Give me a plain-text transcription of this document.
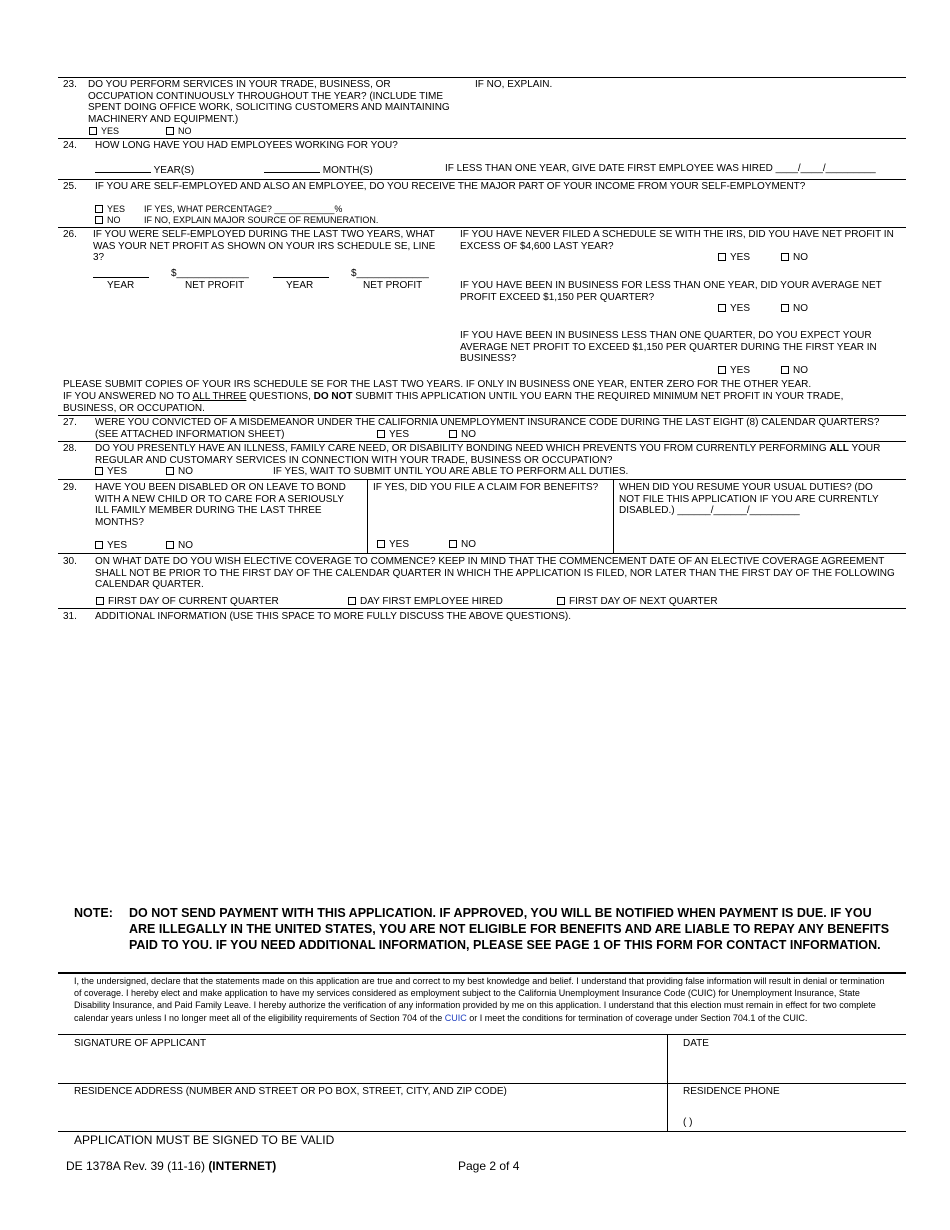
23. DO YOU PERFORM SERVICES IN YOUR TRADE, BUSINESS, OR OCCUPATION CONTINUOUSLY THROUGHOUT THE YEAR? (INCLUDE TIME SPENT DOING OFFICE WORK, SOLICITING CUSTOMERS AND MAINTAINING MACHINERY AND EQUIPMENT.)
IF NO, EXPLAIN.
YES	NO
24. HOW LONG HAVE YOU HAD EMPLOYEES WORKING FOR YOU?
YEAR(S)	MONTH(S)	IF LESS THAN ONE YEAR, GIVE DATE FIRST EMPLOYEE WAS HIRED ____/____/_________
25. IF YOU ARE SELF-EMPLOYED AND ALSO AN EMPLOYEE, DO YOU RECEIVE THE MAJOR PART OF YOUR INCOME FROM YOUR SELF-EMPLOYMENT?
YES
NO
IF YES, WHAT PERCENTAGE? ____________%
IF NO, EXPLAIN MAJOR SOURCE OF REMUNERATION.
26. IF YOU WERE SELF-EMPLOYED DURING THE LAST TWO YEARS, WHAT WAS YOUR NET PROFIT AS SHOWN ON YOUR IRS SCHEDULE SE, LINE 3?
$_____________	$_____________
YEAR	NET PROFIT	YEAR	NET PROFIT
IF YOU HAVE NEVER FILED A SCHEDULE SE WITH THE IRS, DID YOU HAVE NET PROFIT IN EXCESS OF $4,600 LAST YEAR?
YES	NO
IF YOU HAVE BEEN IN BUSINESS FOR LESS THAN ONE YEAR, DID YOUR AVERAGE NET PROFIT EXCEED $1,150 PER QUARTER?
YES	NO
IF YOU HAVE BEEN IN BUSINESS LESS THAN ONE QUARTER, DO YOU EXPECT YOUR AVERAGE NET PROFIT TO EXCEED $1,150 PER QUARTER DURING THE FIRST YEAR IN BUSINESS?
YES	NO
PLEASE SUBMIT COPIES OF YOUR IRS SCHEDULE SE FOR THE LAST TWO YEARS. IF ONLY IN BUSINESS ONE YEAR, ENTER ZERO FOR THE OTHER YEAR.
IF YOU ANSWERED NO TO ALL THREE QUESTIONS, DO NOT SUBMIT THIS APPLICATION UNTIL YOU EARN THE REQUIRED MINIMUM NET PROFIT IN YOUR TRADE, BUSINESS, OR OCCUPATION.
27. WERE YOU CONVICTED OF A MISDEMEANOR UNDER THE CALIFORNIA UNEMPLOYMENT INSURANCE CODE DURING THE LAST EIGHT (8) CALENDAR QUARTERS?
(SEE ATTACHED INFORMATION SHEET)	YES	NO
28. DO YOU PRESENTLY HAVE AN ILLNESS, FAMILY CARE NEED, OR DISABILITY BONDING NEED WHICH PREVENTS YOU FROM CURRENTLY PERFORMING ALL YOUR REGULAR AND CUSTOMARY SERVICES IN CONNECTION WITH YOUR TRADE, BUSINESS OR OCCUPATION?
YES	NO	IF YES, WAIT TO SUBMIT UNTIL YOU ARE ABLE TO PERFORM ALL DUTIES.
29. HAVE YOU BEEN DISABLED OR ON LEAVE TO BOND WITH A NEW CHILD OR TO CARE FOR A SERIOUSLY ILL FAMILY MEMBER DURING THE LAST THREE MONTHS?
YES	NO
IF YES, DID YOU FILE A CLAIM FOR BENEFITS?
YES	NO
WHEN DID YOU RESUME YOUR USUAL DUTIES? (DO NOT FILE THIS APPLICATION IF YOU ARE CURRENTLY DISABLED.) ______/______/_________
30. ON WHAT DATE DO YOU WISH ELECTIVE COVERAGE TO COMMENCE? KEEP IN MIND THAT THE COMMENCEMENT DATE OF AN ELECTIVE COVERAGE AGREEMENT SHALL NOT BE PRIOR TO THE FIRST DAY OF THE CALENDAR QUARTER IN WHICH THE APPLICATION IS FILED, NOR LATER THAN THE FIRST DAY OF THE FOLLOWING CALENDAR QUARTER.
FIRST DAY OF CURRENT QUARTER	DAY FIRST EMPLOYEE HIRED	FIRST DAY OF NEXT QUARTER
31. ADDITIONAL INFORMATION (USE THIS SPACE TO MORE FULLY DISCUSS THE ABOVE QUESTIONS).
NOTE: DO NOT SEND PAYMENT WITH THIS APPLICATION. IF APPROVED, YOU WILL BE NOTIFIED WHEN PAYMENT IS DUE. IF YOU ARE ILLEGALLY IN THE UNITED STATES, YOU ARE NOT ELIGIBLE FOR BENEFITS AND ARE LIABLE TO REPAY ANY BENEFITS PAID TO YOU. IF YOU NEED ADDITIONAL INFORMATION, PLEASE SEE PAGE 1 OF THIS FORM FOR CONTACT INFORMATION.
I, the undersigned, declare that the statements made on this application are true and correct to my best knowledge and belief. I understand that providing false information will result in denial or termination of coverage. I hereby elect and make application to have my services considered as employment subject to the California Unemployment Insurance Code (CUIC) for Unemployment Insurance, State Disability Insurance, and Paid Family Leave. I hereby authorize the verification of any information provided by me on this application. I understand that this election must remain in effect for two complete calendar years unless I no longer meet all of the eligibility requirements of Section 704 of the CUIC or I meet the conditions for termination of coverage under Section 704.1 of the CUIC.
SIGNATURE OF APPLICANT	DATE
RESIDENCE ADDRESS (NUMBER AND STREET OR PO BOX, STREET, CITY, AND ZIP CODE)	RESIDENCE PHONE
( )
APPLICATION MUST BE SIGNED TO BE VALID
DE 1378A Rev. 39 (11-16) (INTERNET)	Page 2 of 4
